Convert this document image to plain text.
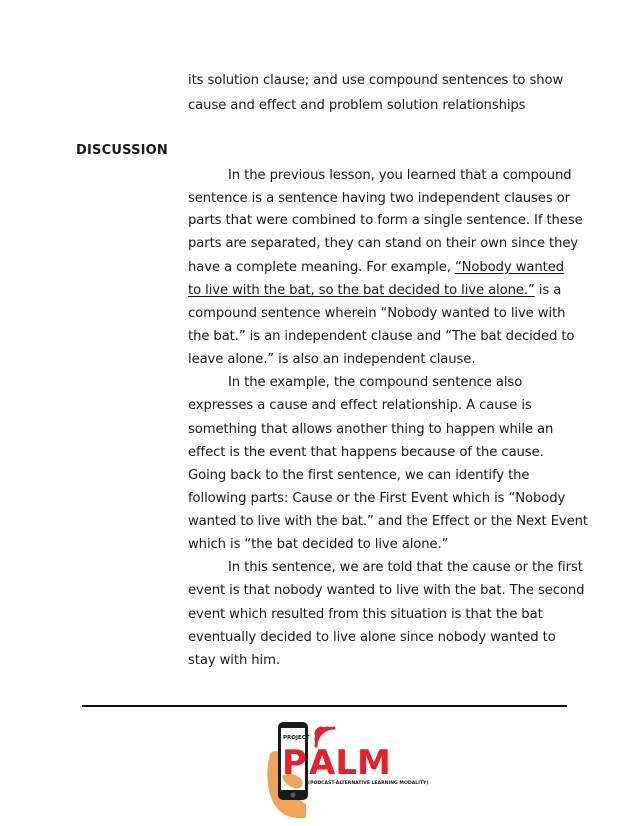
its solution clause; and use compound sentences to show
cause and effect and problem solution relationships
DISCUSSION
In the previous lesson, you learned that a compound
sentence is a sentence having two independent clauses or
parts that were combined to form a single sentence. If these
parts are separated, they can stand on their own since they
have a complete meaning. For example, “Nobody wanted
to live with the bat, so the bat decided to live alone.” is a
compound sentence wherein “Nobody wanted to live with
the bat.” is an independent clause and “The bat decided to
leave alone.” is also an independent clause.
In the example, the compound sentence also
expresses a cause and effect relationship. A cause is
something that allows another thing to happen while an
effect is the event that happens because of the cause.
Going back to the first sentence, we can identify the
following parts: Cause or the First Event which is “Nobody
wanted to live with the bat.” and the Effect or the Next Event
which is “the bat decided to live alone.”
In this sentence, we are told that the cause or the first
event is that nobody wanted to live with the bat. The second
event which resulted from this situation is that the bat
eventually decided to live alone since nobody wanted to
stay with him.
PROJECT
P ALM
(PODCAST-ALTERNATIVE LEARNING MODALITY)
